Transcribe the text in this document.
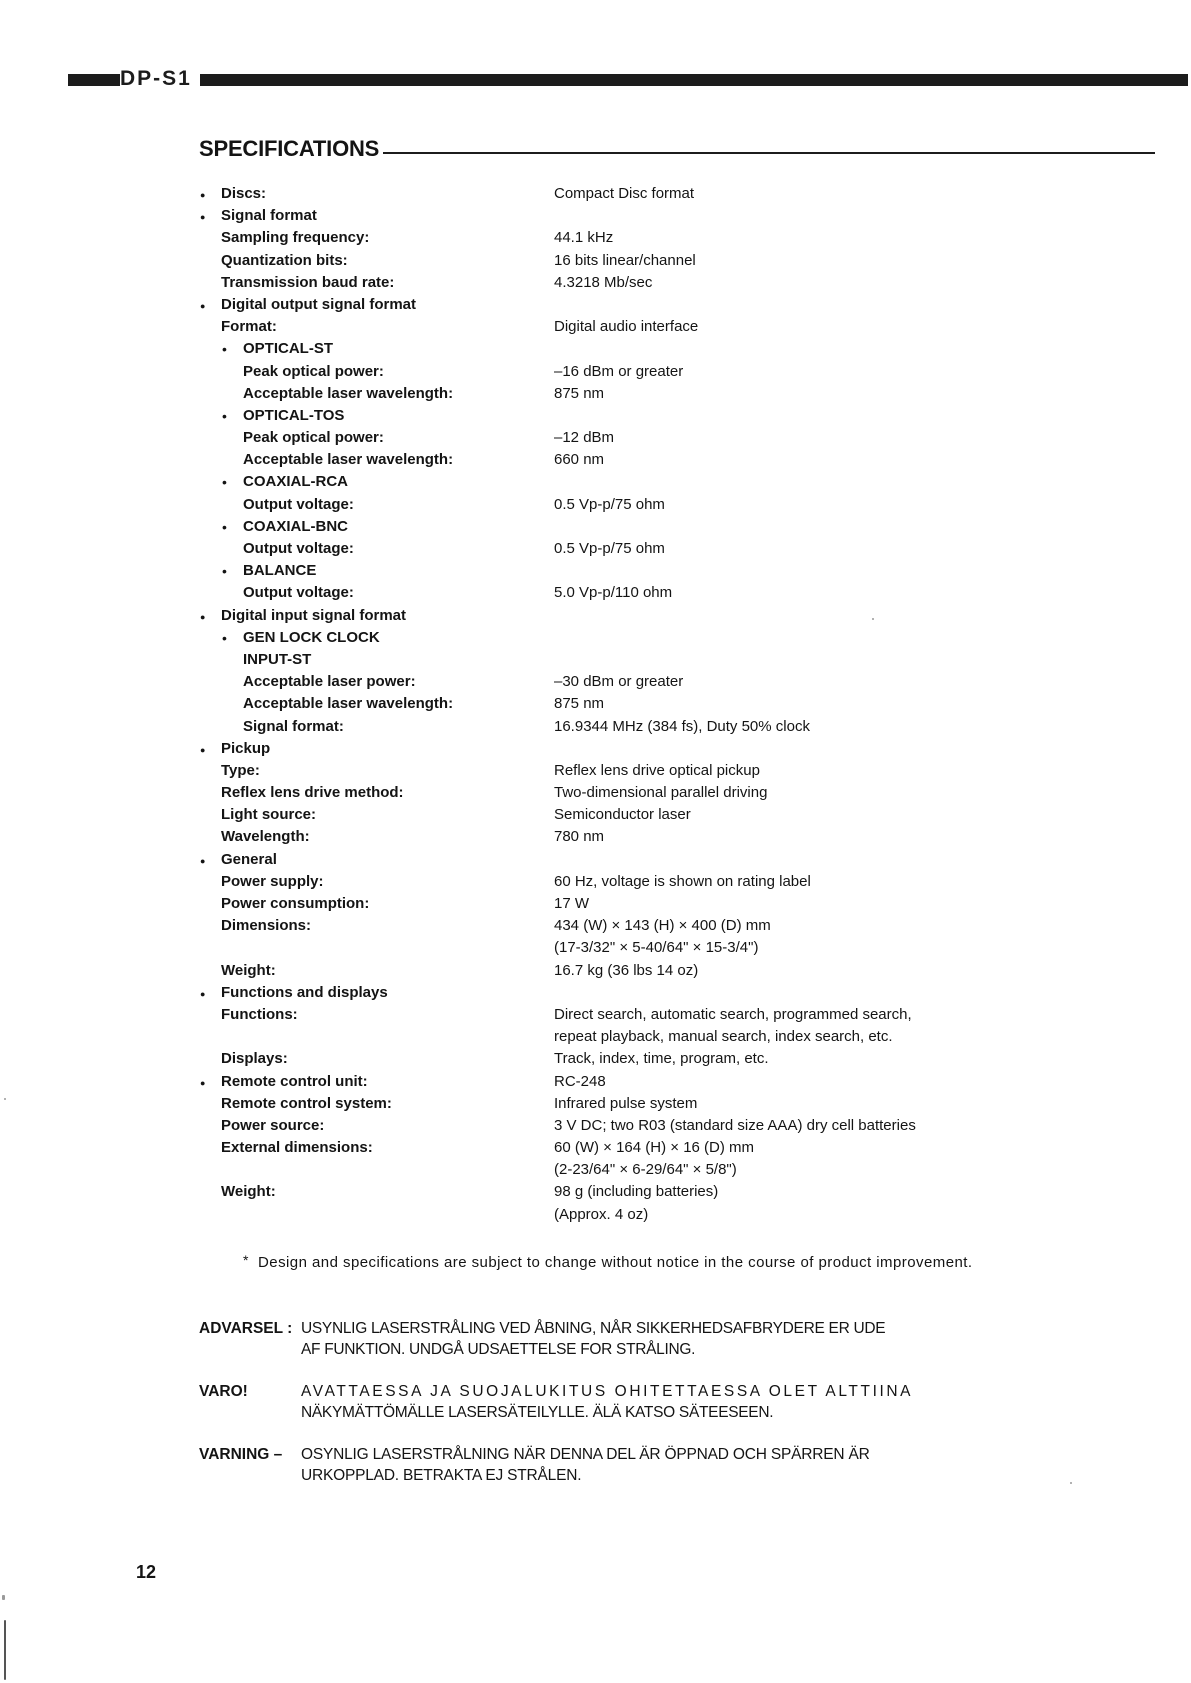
DP-S1
SPECIFICATIONS
● Discs:	Compact Disc format
● Signal format
Sampling frequency:	44.1 kHz
Quantization bits:	16 bits linear/channel
Transmission baud rate:	4.3218 Mb/sec
● Digital output signal format
Format:	Digital audio interface
• OPTICAL-ST
Peak optical power:	–16 dBm or greater
Acceptable laser wavelength:	875 nm
• OPTICAL-TOS
Peak optical power:	–12 dBm
Acceptable laser wavelength:	660 nm
• COAXIAL-RCA
Output voltage:	0.5 Vp-p/75 ohm
• COAXIAL-BNC
Output voltage:	0.5 Vp-p/75 ohm
• BALANCE
Output voltage:	5.0 Vp-p/110 ohm
● Digital input signal format
• GEN LOCK CLOCK
INPUT-ST
Acceptable laser power:	–30 dBm or greater
Acceptable laser wavelength:	875 nm
Signal format:	16.9344 MHz (384 fs), Duty 50% clock
● Pickup
Type:	Reflex lens drive optical pickup
Reflex lens drive method:	Two-dimensional parallel driving
Light source:	Semiconductor laser
Wavelength:	780 nm
● General
Power supply:	60 Hz, voltage is shown on rating label
Power consumption:	17 W
Dimensions:	434 (W) × 143 (H) × 400 (D) mm
(17-3/32" × 5-40/64" × 15-3/4")
Weight:	16.7 kg (36 lbs 14 oz)
● Functions and displays
Functions:	Direct search, automatic search, programmed search,
repeat playback, manual search, index search, etc.
Displays:	Track, index, time, program, etc.
● Remote control unit:	RC-248
Remote control system:	Infrared pulse system
Power source:	3 V DC; two R03 (standard size AAA) dry cell batteries
External dimensions:	60 (W) × 164 (H) × 16 (D) mm
(2-23/64" × 6-29/64" × 5/8")
Weight:	98 g (including batteries)
(Approx. 4 oz)
* Design and specifications are subject to change without notice in the course of product improvement.
ADVARSEL : USYNLIG LASERSTRÅLING VED ÅBNING, NÅR SIKKERHEDSAFBRYDERE ER UDE
AF FUNKTION. UNDGÅ UDSAETTELSE FOR STRÅLING.
VARO!	AVATTAESSA JA SUOJALUKITUS OHITETTAESSA OLET ALTTIINA
NÄKYMÄTTÖMÄLLE LASERSÄTEILYLLE. ÄLÄ KATSO SÄTEESEEN.
VARNING – OSYNLIG LASERSTRÅLNING NÄR DENNA DEL ÄR ÖPPNAD OCH SPÄRREN ÄR
URKOPPLAD. BETRAKTA EJ STRÅLEN.
12
